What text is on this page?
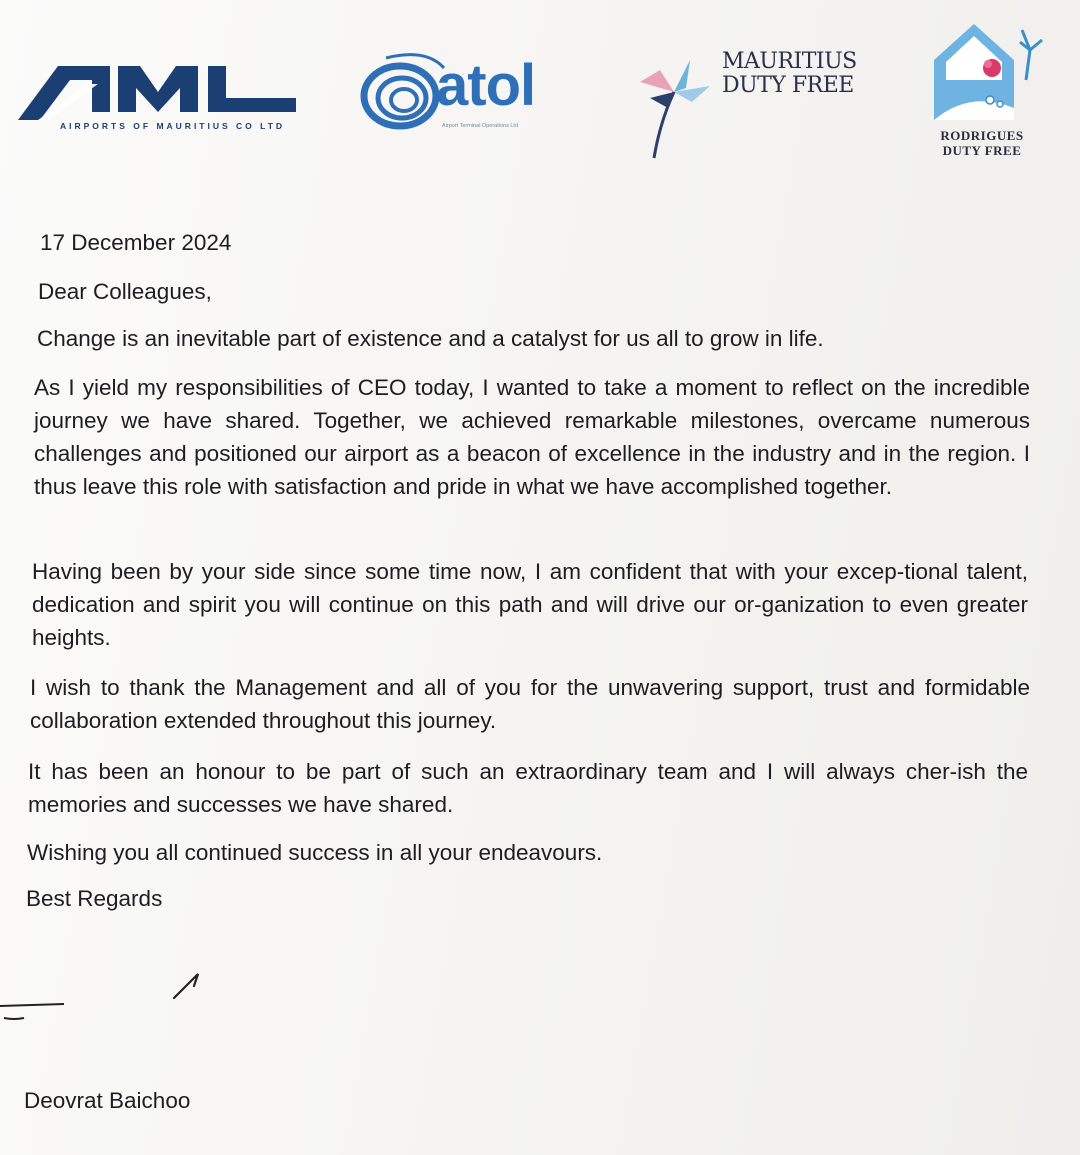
AIRPORTS OF MAURITIUS CO LTD
atol
Airport Terminal Operations Ltd
MAURITIUS
DUTY FREE
RODRIGUES
DUTY FREE
17 December 2024
Dear Colleagues,
Change is an inevitable part of existence and a catalyst for us all to grow in life.
As I yield my responsibilities of CEO today, I wanted to take a moment to reflect on the incredible journey we have shared. Together, we achieved remarkable milestones, overcame numerous challenges and positioned our airport as a beacon of excellence in the industry and in the region. I thus leave this role with satisfaction and pride in what we have accomplished together.
Having been by your side since some time now, I am confident that with your excep-tional talent, dedication and spirit you will continue on this path and will drive our or-ganization to even greater heights.
I wish to thank the Management and all of you for the unwavering support, trust and formidable collaboration extended throughout this journey.
It has been an honour to be part of such an extraordinary team and I will always cher-ish the memories and successes we have shared.
Wishing you all continued success in all your endeavours.
Best Regards
Deovrat Baichoo
